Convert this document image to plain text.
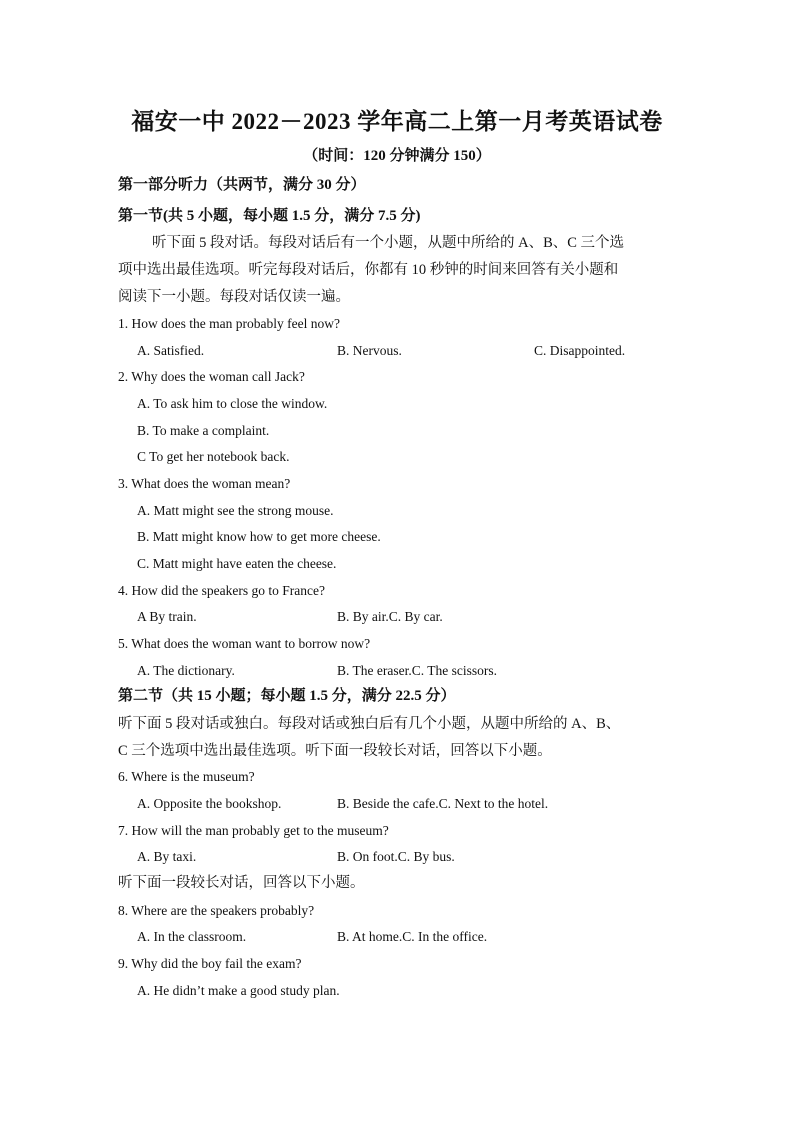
福安一中 2022－2023 学年高二上第一月考英语试卷
（时间：120 分钟满分 150）
第一部分听力（共两节，满分 30 分）
第一节(共 5 小题，每小题 1.5 分，满分 7.5 分)
听下面 5 段对话。每段对话后有一个小题，从题中所给的 A、B、C 三个选
项中选出最佳选项。听完每段对话后，你都有 10 秒钟的时间来回答有关小题和
阅读下一小题。每段对话仅读一遍。
1. How does the man probably feel now?
A. Satisfied.	B. Nervous.	C. Disappointed.
2. Why does the woman call Jack?
A. To ask him to close the window.
B. To make a complaint.
C To get her notebook back.
3. What does the woman mean?
A. Matt might see the strong mouse.
B. Matt might know how to get more cheese.
C. Matt might have eaten the cheese.
4. How did the speakers go to France?
A By train.	B. By air.C. By car.
5. What does the woman want to borrow now?
A. The dictionary.	B. The eraser.C. The scissors.
第二节（共 15 小题；每小题 1.5 分，满分 22.5 分）
听下面 5 段对话或独白。每段对话或独白后有几个小题，从题中所给的 A、B、
C 三个选项中选出最佳选项。听下面一段较长对话，回答以下小题。
6. Where is the museum?
A. Opposite the bookshop.	B. Beside the cafe.C. Next to the hotel.
7. How will the man probably get to the museum?
A. By taxi.	B. On foot.C. By bus.
听下面一段较长对话，回答以下小题。
8. Where are the speakers probably?
A. In the classroom.	B. At home.C. In the office.
9. Why did the boy fail the exam?
A. He didn’t make a good study plan.
